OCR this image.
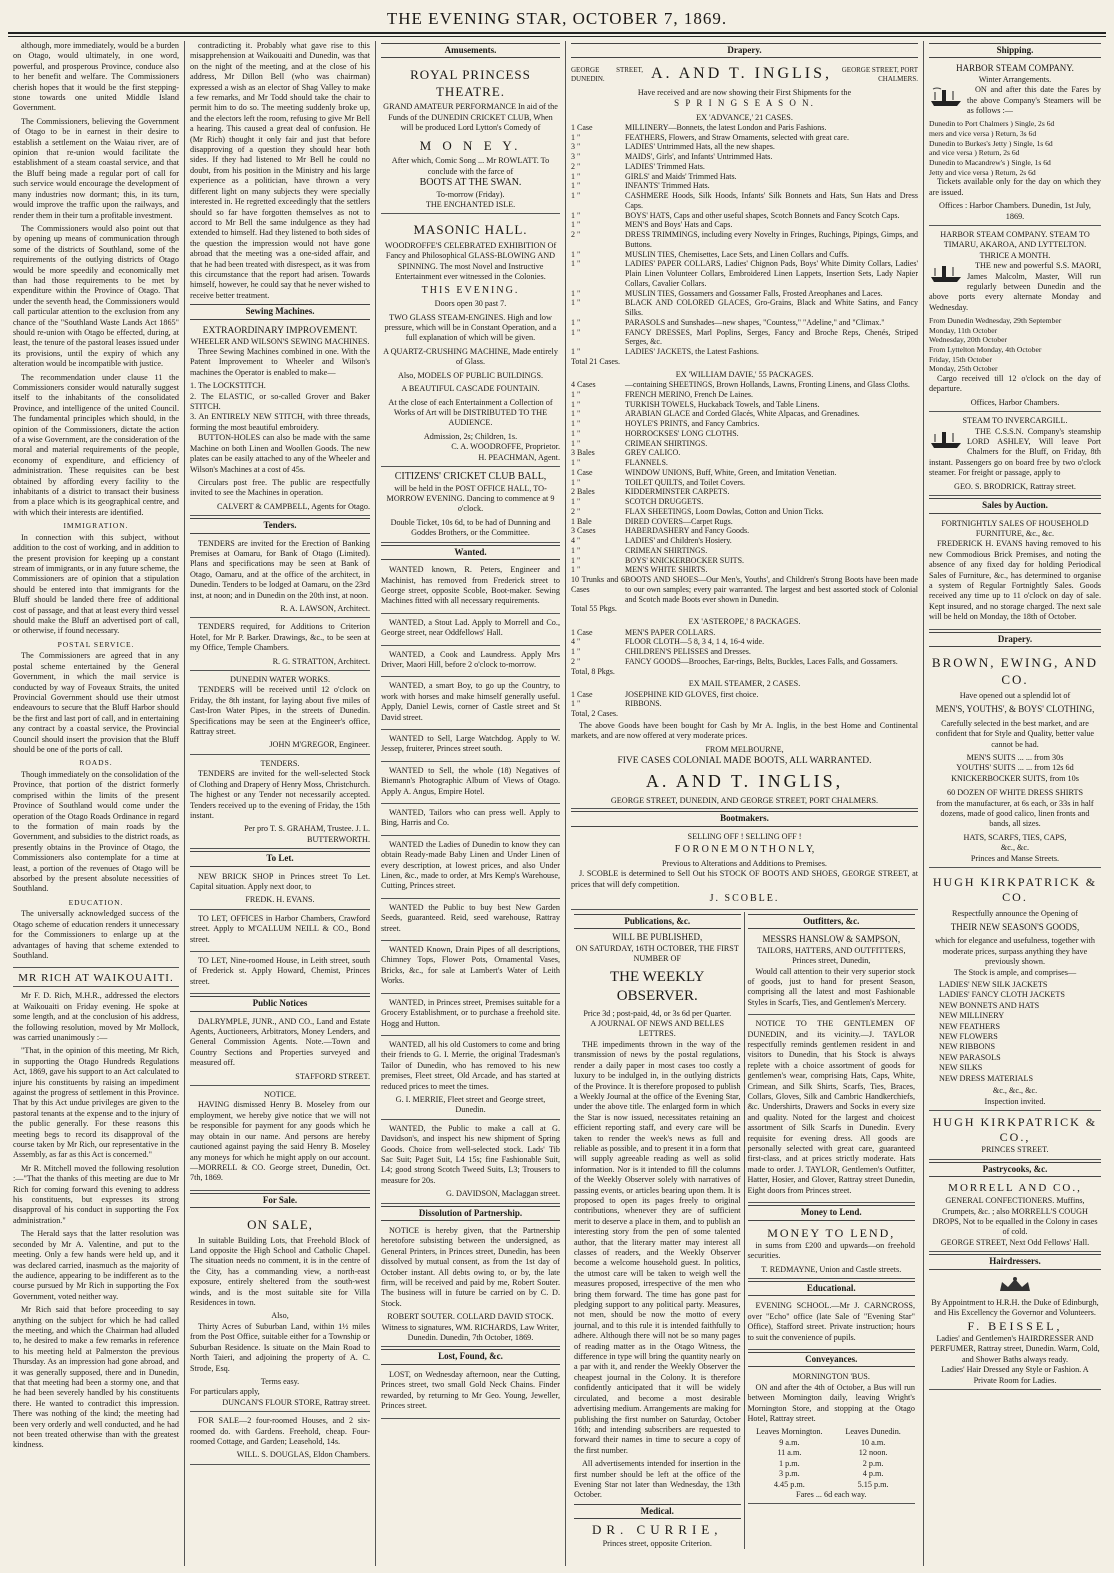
THE EVENING STAR, OCTOBER 7, 1869.

although, more immediately, would be a burden on Otago, would ultimately, in one word, powerful, and prosperous Province, conduce also to her benefit and welfare. The Commissioners cherish hopes that it would be the first stepping-stone towards one united Middle Island Government.

The Commissioners, believing the Government of Otago to be in earnest in their desire to establish a settlement on the Waiau river, are of opinion that re-union would facilitate the establishment of a steam coastal service, and that the Bluff being made a regular port of call for such service would encourage the development of many industries now dormant; this, in its turn, would improve the traffic upon the railways, and render them in their turn a profitable investment.

The Commissioners would also point out that by opening up means of communication through some of the districts of Southland, some of the requirements of the outlying districts of Otago would be more speedily and economically met than had those requirements to be met by expenditure within the Province of Otago. That under the seventh head, the Commissioners would call particular attention to the exclusion from any chance of the "Southland Waste Lands Act 1865" should re-union with Otago be effected, during, at least, the tenure of the pastoral leases issued under its provisions, until the expiry of which any alteration would be incompatible with justice.

The recommendation under clause 11 the Commissioners consider would naturally suggest itself to the inhabitants of the consolidated Province, and intelligence of the united Council. The fundamental principles which should, in the opinion of the Commissioners, dictate the action of a wise Government, are the consideration of the moral and material requirements of the people, economy of expenditure, and efficiency of administration. These requisites can be best obtained by affording every facility to the inhabitants of a district to transact their business from a place which is its geographical centre, and with which their interests are identified.

IMMIGRATION.

In connection with this subject, without addition to the cost of working, and in addition to the present provision for keeping up a constant stream of immigrants, or in any future scheme, the Commissioners are of opinion that a stipulation should be entered into that immigrants for the Bluff should be landed there free of additional cost of passage, and that at least every third vessel should make the Bluff an advertised port of call, or otherwise, if found necessary.

POSTAL SERVICE.

The Commissioners are agreed that in any postal scheme entertained by the General Government, in which the mail service is conducted by way of Foveaux Straits, the united Provincial Government should use their utmost endeavours to secure that the Bluff Harbor should be the first and last port of call, and in entertaining any contract by a coastal service, the Provincial Council should insert the provision that the Bluff should be one of the ports of call.

ROADS.

Though immediately on the consolidation of the Province, that portion of the district formerly comprised within the limits of the present Province of Southland would come under the operation of the Otago Roads Ordinance in regard to the formation of main roads by the Government, and subsidies to the district roads, as presently obtains in the Province of Otago, the Commissioners also contemplate for a time at least, a portion of the revenues of Otago will be absorbed by the present absolute necessities of Southland.

EDUCATION.

The universally acknowledged success of the Otago scheme of education renders it unnecessary for the Commissioners to enlarge up at the advantages of having that scheme extended to Southland.

MR RICH AT WAIKOUAITI.

Mr F. D. Rich, M.H.R., addressed the electors at Waikouaiti on Friday evening. He spoke at some length, and at the conclusion of his address, the following resolution, moved by Mr Mollock, was carried unanimously :—

"That, in the opinion of this meeting, Mr Rich, in supporting the Otago Hundreds Regulations Act, 1869, gave his support to an Act calculated to injure his constituents by raising an impediment against the progress of settlement in this Province. That by this Act undue privileges are given to the pastoral tenants at the expense and to the injury of the public generally. For these reasons this meeting begs to record its disapproval of the course taken by Mr Rich, our representative in the Assembly, as far as this Act is concerned."

Mr R. Mitchell moved the following resolution :—"That the thanks of this meeting are due to Mr Rich for coming forward this evening to address his constituents, but expresses its strong disapproval of his conduct in supporting the Fox administration."

The Herald says that the latter resolution was seconded by Mr A. Valentine, and put to the meeting. Only a few hands were held up, and it was declared carried, inasmuch as the majority of the audience, appearing to be indifferent as to the course pursued by Mr Rich in supporting the Fox Government, voted neither way.

Mr Rich said that before proceeding to say anything on the subject for which he had called the meeting, and which the Chairman had alluded to, he desired to make a few remarks in reference to his meeting held at Palmerston the previous Thursday. As an impression had gone abroad, and it was generally supposed, there and in Dunedin, that that meeting had been a stormy one, and that he had been severely handled by his constituents there. He wanted to contradict this impression. There was nothing of the kind; the meeting had been very orderly and well conducted, and he had not been treated otherwise than with the greatest kindness.

contradicting it. Probably what gave rise to this misapprehension at Waikouaiti and Dunedin, was that on the night of the meeting, and at the close of his address, Mr Dillon Bell (who was chairman) expressed a wish as an elector of Shag Valley to make a few remarks, and Mr Todd should take the chair to permit him to do so. The meeting suddenly broke up, and the electors left the room, refusing to give Mr Bell a hearing. This caused a great deal of confusion. He (Mr Rich) thought it only fair and just that before disapproving of a question they should hear both sides. If they had listened to Mr Bell he could no doubt, from his position in the Ministry and his large experience as a politician, have thrown a very different light on many subjects they were specially interested in. He regretted exceedingly that the settlers should so far have forgotten themselves as not to accord to Mr Bell the same indulgence as they had extended to himself. Had they listened to both sides of the question the impression would not have gone abroad that the meeting was a one-sided affair, and that he had been treated with disrespect, as it was from this circumstance that the report had arisen. Towards himself, however, he could say that he never wished to receive better treatment.

Sewing Machines.
EXTRAORDINARY IMPROVEMENT.
WHEELER AND WILSON'S SEWING MACHINES.

Three Sewing Machines combined in one. With the Patent Improvement to Wheeler and Wilson's machines the Operator is enabled to make—

1. The LOCKSTITCH.
2. The ELASTIC, or so-called Grover and Baker STITCH.
3. An ENTIRELY NEW STITCH, with three threads, forming the most beautiful embroidery.

BUTTON-HOLES can also be made with the same Machine on both Linen and Woollen Goods. The new plates can be easily attached to any of the Wheeler and Wilson's Machines at a cost of 45s.

Circulars post free. The public are respectfully invited to see the Machines in operation.

CALVERT & CAMPBELL, Agents for Otago.
Tenders.

TENDERS are invited for the Erection of Banking Premises at Oamaru, for Bank of Otago (Limited). Plans and specifications may be seen at Bank of Otago, Oamaru, and at the office of the architect, in Dunedin. Tenders to be lodged at Oamaru, on the 23rd inst, at noon; and in Dunedin on the 20th inst, at noon.

R. A. LAWSON, Architect.

TENDERS required, for Additions to Criterion Hotel, for Mr P. Barker. Drawings, &c., to be seen at my Office, Temple Chambers.

R. G. STRATTON, Architect.
DUNEDIN WATER WORKS.

TENDERS will be received until 12 o'clock on Friday, the 8th instant, for laying about five miles of Cast-Iron Water Pipes, in the streets of Dunedin. Specifications may be seen at the Engineer's office, Rattray street.

JOHN M'GREGOR, Engineer.
TENDERS.

TENDERS are invited for the well-selected Stock of Clothing and Drapery of Henry Moss, Christchurch. The highest or any Tender not necessarily accepted. Tenders received up to the evening of Friday, the 15th instant.

Per pro T. S. GRAHAM, Trustee. J. L. BUTTERWORTH.
To Let.

NEW BRICK SHOP in Princes street To Let. Capital situation. Apply next door, to

FREDK. H. EVANS.

TO LET, OFFICES in Harbor Chambers, Crawford street. Apply to M'CALLUM NEILL & CO., Bond street.

TO LET, Nine-roomed House, in Leith street, south of Frederick st. Apply Howard, Chemist, Princes street.

Public Notices

DALRYMPLE, JUNR., AND CO., Land and Estate Agents, Auctioneers, Arbitrators, Money Lenders, and General Commission Agents. Note.—Town and Country Sections and Properties surveyed and measured off.

STAFFORD STREET.
NOTICE.

HAVING dismissed Henry B. Moseley from our employment, we hereby give notice that we will not be responsible for payment for any goods which he may obtain in our name. And persons are hereby cautioned against paying the said Henry B. Moseley any moneys for which he might apply on our account.—MORRELL & CO. George street, Dunedin, Oct. 7th, 1869.

For Sale.
ON SALE,

In suitable Building Lots, that Freehold Block of Land opposite the High School and Catholic Chapel. The situation needs no comment, it is in the centre of the City, has a commanding view, a north-east exposure, entirely sheltered from the south-west winds, and is the most suitable site for Villa Residences in town.

Also,

Thirty Acres of Suburban Land, within 1½ miles from the Post Office, suitable either for a Township or Suburban Residence. Is situate on the Main Road to North Taieri, and adjoining the property of A. C. Strode, Esq.

Terms easy.
For particulars apply,
DUNCAN'S FLOUR STORE, Rattray street.

FOR SALE—2 four-roomed Houses, and 2 six-roomed do. with Gardens. Freehold, cheap. Four-roomed Cottage, and Garden; Leasehold, 14s.

WILL. S. DOUGLAS, Eldon Chambers.
Amusements.
ROYAL PRINCESS THEATRE.
GRAND AMATEUR PERFORMANCE In aid of the Funds of the DUNEDIN CRICKET CLUB, When will be produced Lord Lytton's Comedy of
M O N E Y.
After which, Comic Song ... Mr ROWLATT. To conclude with the farce of
BOOTS AT THE SWAN.
To-morrow (Friday).
THE ENCHANTED ISLE.
MASONIC HALL.
WOODROFFE'S CELEBRATED EXHIBITION Of Fancy and Philosophical GLASS-BLOWING AND SPINNING. The most Novel and Instructive Entertainment ever witnessed in the Colonies.
THIS EVENING.
Doors open 30 past 7.
TWO GLASS STEAM-ENGINES. High and low pressure, which will be in Constant Operation, and a full explanation of which will be given.
A QUARTZ-CRUSHING MACHINE, Made entirely of Glass.
Also, MODELS OF PUBLIC BUILDINGS.
A BEAUTIFUL CASCADE FOUNTAIN.
At the close of each Entertainment a Collection of Works of Art will be DISTRIBUTED TO THE AUDIENCE.
Admission, 2s; Children, 1s.
C. A. WOODROFFE, Proprietor.
H. PEACHMAN, Agent.
CITIZENS' CRICKET CLUB BALL,
will be held in the POST OFFICE HALL, TO-MORROW EVENING. Dancing to commence at 9 o'clock.
Double Ticket, 10s 6d, to be had of Dunning and Goddes Brothers, or the Committee.
Wanted.

WANTED known, R. Peters, Engineer and Machinist, has removed from Frederick street to George street, opposite Scoble, Boot-maker. Sewing Machines fitted with all necessary requirements.

WANTED, a Stout Lad. Apply to Morrell and Co., George street, near Oddfellows' Hall.

WANTED, a Cook and Laundress. Apply Mrs Driver, Maori Hill, before 2 o'clock to-morrow.

WANTED, a smart Boy, to go up the Country, to work with horses and make himself generally useful. Apply, Daniel Lewis, corner of Castle street and St David street.

WANTED to Sell, Large Watchdog. Apply to W. Jessep, fruiterer, Princes street south.

WANTED to Sell, the whole (18) Negatives of Biemann's Photographic Album of Views of Otago. Apply A. Angus, Empire Hotel.

WANTED, Tailors who can press well. Apply to Bing, Harris and Co.

WANTED the Ladies of Dunedin to know they can obtain Ready-made Baby Linen and Under Linen of every description, at lowest prices, and also Under Linen, &c., made to order, at Mrs Kemp's Warehouse, Cutting, Princes street.

WANTED the Public to buy best New Garden Seeds, guaranteed. Reid, seed warehouse, Rattray street.

WANTED Known, Drain Pipes of all descriptions, Chimney Tops, Flower Pots, Ornamental Vases, Bricks, &c., for sale at Lambert's Water of Leith Works.

WANTED, in Princes street, Premises suitable for a Grocery Establishment, or to purchase a freehold site. Hogg and Hutton.

WANTED, all his old Customers to come and bring their friends to G. I. Merrie, the original Tradesman's Tailor of Dunedin, who has removed to his new premises, Fleet street, Old Arcade, and has started at reduced prices to meet the times.

G. I. MERRIE, Fleet street and George street, Dunedin.

WANTED, the Public to make a call at G. Davidson's, and inspect his new shipment of Spring Goods. Choice from well-selected stock. Lads' Tib Sac Suit; Paget Suit, L4 15s; fine Fashionable Suit, L4; good strong Scotch Tweed Suits, L3; Trousers to measure for 20s.

G. DAVIDSON, Maclaggan street.
Dissolution of Partnership.

NOTICE is hereby given, that the Partnership heretofore subsisting between the undersigned, as General Printers, in Princes street, Dunedin, has been dissolved by mutual consent, as from the 1st day of October instant. All debts owing to, or by, the late firm, will be received and paid by me, Robert Souter. The business will in future be carried on by C. D. Stock.

ROBERT SOUTER. COLLARD DAVID STOCK. Witness to signatures, WM. RICHARDS, Law Writer, Dunedin. Dunedin, 7th October, 1869.
Lost, Found, &c.

LOST, on Wednesday afternoon, near the Cutting, Princes street, two small Gold Neck Chains. Finder rewarded, by returning to Mr Geo. Young, Jeweller, Princes street.

Drapery.
GEORGE STREET, DUNEDIN.	A. AND T. INGLIS,	GEORGE STREET, PORT CHALMERS.
Have received and are now showing their First Shipments for the
S P R I N G S E A S O N.
EX 'ADVANCE,' 21 CASES.
1 Case	MILLINERY—Bonnets, the latest London and Paris Fashions.
1 "	FEATHERS, Flowers, and Straw Ornaments, selected with great care.
3 "	LADIES' Untrimmed Hats, all the new shapes.
3 "	MAIDS', Girls', and Infants' Untrimmed Hats.
2 "	LADIES' Trimmed Hats.
1 "	GIRLS' and Maids' Trimmed Hats.
1 "	INFANTS' Trimmed Hats.
1 "	CASHMERE Hoods, Silk Hoods, Infants' Silk Bonnets and Hats, Sun Hats and Dress Caps.
1 "	BOYS' HATS, Caps and other useful shapes, Scotch Bonnets and Fancy Scotch Caps.
1 "	MEN'S and Boys' Hats and Caps.
2 "	DRESS TRIMMINGS, including every Novelty in Fringes, Ruchings, Pipings, Gimps, and Buttons.
1 "	MUSLIN TIES, Chemisettes, Lace Sets, and Linen Collars and Cuffs.
1 "	LADIES' PAPER COLLARS, Ladies' Chignon Pads, Boys' White Dimity Collars, Ladies' Plain Linen Volunteer Collars, Embroidered Linen Lappets, Insertion Sets, Lady Napier Collars, Cavalier Collars.
1 "	MUSLIN TIES, Gossamers and Gossamer Falls, Frosted Areophanes and Laces.
1 "	BLACK AND COLORED GLACES, Gro-Grains, Black and White Satins, and Fancy Silks.
1 "	PARASOLS and Sunshades—new shapes, "Countess," "Adeline," and "Climax."
1 "	FANCY DRESSES, Marl Poplins, Serges, Fancy and Broche Reps, Chenés, Striped Serges, &c.
1 "	LADIES' JACKETS, the Latest Fashions.
Total 21 Cases.
EX 'WILLIAM DAVIE,' 55 PACKAGES.
4 Cases	—containing SHEETINGS, Brown Hollands, Lawns, Fronting Linens, and Glass Cloths.
1 "	FRENCH MERINO, French De Laines.
1 "	TURKISH TOWELS, Huckaback Towels, and Table Linens.
1 "	ARABIAN GLACE and Corded Glacés, White Alpacas, and Grenadines.
1 "	HOYLE'S PRINTS, and Fancy Cambrics.
1 "	HORROCKSES' LONG CLOTHS.
1 "	CRIMEAN SHIRTINGS.
3 Bales	GREY CALICO.
1 "	FLANNELS.
1 Case	WINDOW UNIONS, Buff, White, Green, and Imitation Venetian.
1 "	TOILET QUILTS, and Toilet Covers.
2 Bales	KIDDERMINSTER CARPETS.
1 "	SCOTCH DRUGGETS.
2 "	FLAX SHEETINGS, Loom Dowlas, Cotton and Union Ticks.
1 Bale	DIRED COVERS—Carpet Rugs.
3 Cases	HABERDASHERY and Fancy Goods.
4 "	LADIES' and Children's Hosiery.
1 "	CRIMEAN SHIRTINGS.
1 "	BOYS' KNICKERBOCKER SUITS.
1 "	MEN'S WHITE SHIRTS.
10 Trunks and 6 Cases
BOOTS AND SHOES—Our Men's, Youths', and Children's Strong Boots have been made to our own samples; every pair warranted. The largest and best assorted stock of Colonial and Scotch made Boots ever shown in Dunedin.
Total 55 Pkgs.
EX 'ASTEROPE,' 8 PACKAGES.
1 Case	MEN'S PAPER COLLARS.
4 "	FLOOR CLOTH—5 8, 3 4, 1 4, 16-4 wide.
1 "	CHILDREN'S PELISSES and Dresses.
2 "	FANCY GOODS—Brooches, Ear-rings, Belts, Buckles, Laces Falls, and Gossamers.
Total, 8 Pkgs.
EX MAIL STEAMER, 2 CASES.
1 Case	JOSEPHINE KID GLOVES, first choice.
1 "	RIBBONS.
Total, 2 Cases.

The above Goods have been bought for Cash by Mr A. Inglis, in the best Home and Continental markets, and are now offered at very moderate prices.

FROM MELBOURNE,
FIVE CASES COLONIAL MADE BOOTS, ALL WARRANTED.
A. AND T. INGLIS,
GEORGE STREET, DUNEDIN, AND GEORGE STREET, PORT CHALMERS.
Bootmakers.
SELLING OFF ! SELLING OFF !
F O R O N E M O N T H O N L Y,
Previous to Alterations and Additions to Premises.

J. SCOBLE is determined to Sell Out his STOCK OF BOOTS AND SHOES, GEORGE STREET, at prices that will defy competition.

J. SCOBLE.
Publications, &c.
WILL BE PUBLISHED,
ON SATURDAY, 16TH OCTOBER, THE FIRST NUMBER OF
THE WEEKLY OBSERVER.
Price 3d ; post-paid, 4d, or 3s 6d per Quarter.
A JOURNAL OF NEWS AND BELLES LETTRES.

THE impediments thrown in the way of the transmission of news by the postal regulations, render a daily paper in most cases too costly a luxury to be indulged in, in the outlying districts of the Province. It is therefore proposed to publish a Weekly Journal at the office of the Evening Star, under the above title. The enlarged form in which the Star is now issued, necessitates retaining an efficient reporting staff, and every care will be taken to render the week's news as full and reliable as possible, and to present it in a form that will supply agreeable reading as well as solid information. Nor is it intended to fill the columns of the Weekly Observer solely with narratives of passing events, or articles bearing upon them. It is proposed to open its pages freely to original contributions, whenever they are of sufficient merit to deserve a place in them, and to publish an interesting story from the pen of some talented author, that the literary matter may interest all classes of readers, and the Weekly Observer become a welcome household guest. In politics, the utmost care will be taken to weigh well the measures proposed, irrespective of the men who bring them forward. The time has gone past for pledging support to any political party. Measures, not men, should be now the motto of every journal, and to this rule it is intended faithfully to adhere. Although there will not be so many pages of reading matter as in the Otago Witness, the difference in type will bring the quantity nearly on a par with it, and render the Weekly Observer the cheapest journal in the Colony. It is therefore confidently anticipated that it will be widely circulated, and become a most desirable advertising medium. Arrangements are making for publishing the first number on Saturday, October 16th; and intending subscribers are requested to forward their names in time to secure a copy of the first number.

All advertisements intended for insertion in the first number should be left at the office of the Evening Star not later than Wednesday, the 13th October.

Medical.
DR. CURRIE,
Princes street, opposite Criterion.
Outfitters, &c.
MESSRS HANSLOW & SAMPSON,
TAILORS, HATTERS, AND OUTFITTERS,
Princes street, Dunedin,

Would call attention to their very superior stock of goods, just to hand for present Season, comprising all the latest and most Fashionable Styles in Scarfs, Ties, and Gentlemen's Mercery.

NOTICE TO THE GENTLEMEN OF DUNEDIN, and its vicinity.—J. TAYLOR respectfully reminds gentlemen resident in and visitors to Dunedin, that his Stock is always replete with a choice assortment of goods for gentlemen's wear, comprising Hats, Caps, White, Crimean, and Silk Shirts, Scarfs, Ties, Braces, Collars, Gloves, Silk and Cambric Handkerchiefs, &c. Undershirts, Drawers and Socks in every size and quality. Noted for the largest and choicest assortment of Silk Scarfs in Dunedin. Every requisite for evening dress. All goods are personally selected with great care, guaranteed first-class, and at prices strictly moderate. Hats made to order. J. TAYLOR, Gentlemen's Outfitter, Hatter, Hosier, and Glover, Rattray street Dunedin, Eight doors from Princes street.

Money to Lend.
MONEY TO LEND,

in sums from £200 and upwards—on freehold securities.

T. REDMAYNE, Union and Castle streets.
Educational.

EVENING SCHOOL.—Mr J. CARNCROSS, over "Echo" office (late Sale of "Evening Star" Office), Stafford street. Private instruction; hours to suit the convenience of pupils.

Conveyances.
MORNINGTON 'BUS.

ON and after the 4th of October, a Bus will run between Mornington daily, leaving Wright's Mornington Store, and stopping at the Otago Hotel, Rattray street.

Leaves Mornington.
9 a.m.
11 a.m.
1 p.m.
3 p.m.
4.45 p.m.
Leaves Dunedin.
10 a.m.
12 noon.
2 p.m.
4 p.m.
5.15 p.m.
Fares ... 6d each way.
Shipping.
HARBOR STEAM COMPANY.
Winter Arrangements.

ON and after this date the Fares by the above Company's Steamers will be as follows :—

Dunedin to Port Chalmers ) Single, 2s 6d
mers and vice versa ) Return, 3s 6d
Dunedin to Burkes's Jetty ) Single, 1s 6d
and vice versa ) Return, 2s 6d
Dunedin to Macandrew's ) Single, 1s 6d
Jetty and vice versa ) Return, 2s 6d

Tickets available only for the day on which they are issued.

Offices : Harbor Chambers. Dunedin, 1st July, 1869.
HARBOR STEAM COMPANY. STEAM TO TIMARU, AKAROA, AND LYTTELTON.
THRICE A MONTH.

THE new and powerful S.S. MAORI, James Malcolm, Master, Will run regularly between Dunedin and the above ports every alternate Monday and Wednesday.

From Dunedin Wednesday, 29th September
Monday, 11th October
Wednesday, 20th October
From Lyttelton Monday, 4th October
Friday, 15th October
Monday, 25th October

Cargo received till 12 o'clock on the day of departure.

Offices, Harbor Chambers.
STEAM TO INVERCARGILL.

THE C.S.S.N. Company's steamship LORD ASHLEY, Will leave Port Chalmers for the Bluff, on Friday, 8th instant. Passengers go on board free by two o'clock steamer. For freight or passage, apply to

GEO. S. BRODRICK, Rattray street.
Sales by Auction.
FORTNIGHTLY SALES OF HOUSEHOLD FURNITURE, &c., &c.

FREDERICK H. EVANS having removed to his new Commodious Brick Premises, and noting the absence of any fixed day for holding Periodical Sales of Furniture, &c., has determined to organise a system of Regular Fortnightly Sales. Goods received any time up to 11 o'clock on day of sale. Kept insured, and no storage charged. The next sale will be held on Monday, the 18th of October.

Drapery.
BROWN, EWING, AND CO.
Have opened out a splendid lot of
MEN'S, YOUTHS', & BOYS' CLOTHING,
Carefully selected in the best market, and are confident that for Style and Quality, better value cannot be had.
MEN'S SUITS ... ... from 30s
YOUTHS' SUITS ... ... from 12s 6d
KNICKERBOCKER SUITS, from 10s
60 DOZEN OF WHITE DRESS SHIRTS
from the manufacturer, at 6s each, or 33s in half dozens, made of good calico, linen fronts and bands, all sizes.
HATS, SCARFS, TIES, CAPS,
&c., &c.
Princes and Manse Streets.
HUGH KIRKPATRICK & CO.
Respectfully announce the Opening of
THEIR NEW SEASON'S GOODS,
which for elegance and usefulness, together with moderate prices, surpass anything they have previously shown.
The Stock is ample, and comprises—
LADIES' NEW SILK JACKETS
LADIES' FANCY CLOTH JACKETS
NEW BONNETS AND HATS
NEW MILLINERY
NEW FEATHERS
NEW FLOWERS
NEW RIBBONS
NEW PARASOLS
NEW SILKS
NEW DRESS MATERIALS
&c., &c., &c.
Inspection invited.
HUGH KIRKPATRICK & CO.,
PRINCES STREET.
Pastrycooks, &c.
MORRELL AND CO.,
GENERAL CONFECTIONERS. Muffins, Crumpets, &c. ; also MORRELL'S COUGH DROPS, Not to be equalled in the Colony in cases of cold.
GEORGE STREET, Next Odd Fellows' Hall.
Hairdressers.
By Appointment to H.R.H. the Duke of Edinburgh, and His Excellency the Governor and Volunteers.
F. BEISSEL,
Ladies' and Gentlemen's HAIRDRESSER AND PERFUMER, Rattray street, Dunedin. Warm, Cold, and Shower Baths always ready.
Ladies' Hair Dressed any Style or Fashion. A Private Room for Ladies.
